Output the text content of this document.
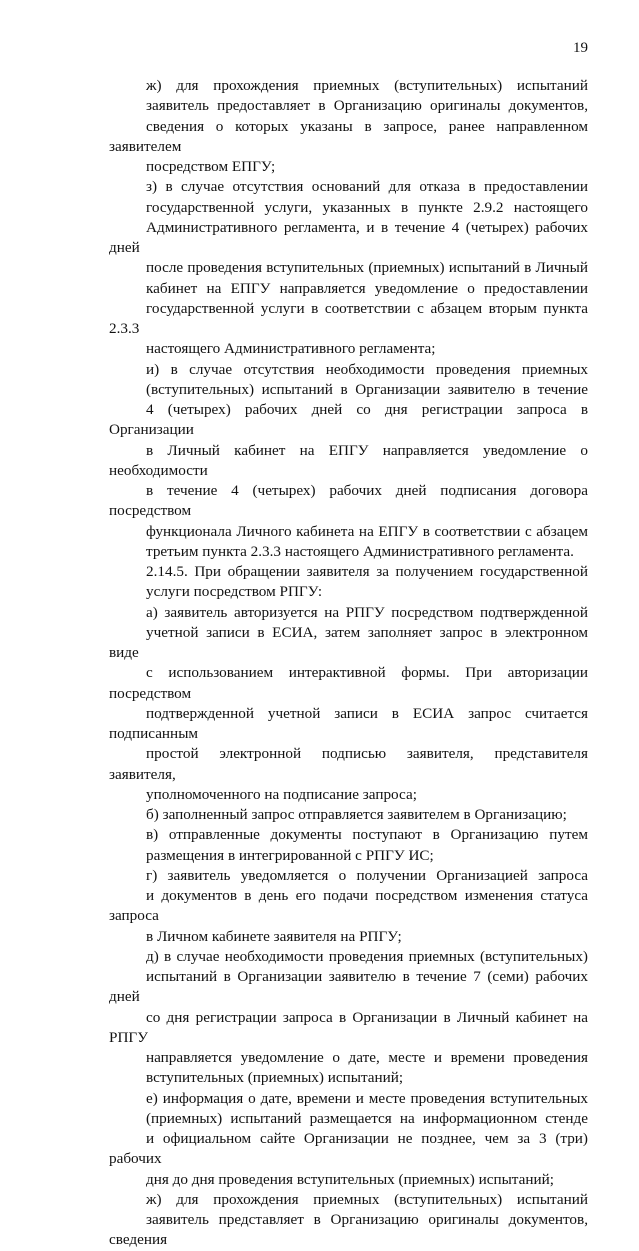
19
ж) для прохождения приемных (вступительных) испытаний
заявитель предоставляет в Организацию оригиналы документов,
сведения о которых указаны в запросе, ранее направленном заявителем
посредством ЕПГУ;
з) в случае отсутствия оснований для отказа в предоставлении
государственной услуги, указанных в пункте 2.9.2 настоящего
Административного регламента, и в течение 4 (четырех) рабочих дней
после проведения вступительных (приемных) испытаний в Личный
кабинет на ЕПГУ направляется уведомление о предоставлении
государственной услуги в соответствии с абзацем вторым пункта 2.3.3
настоящего Административного регламента;
и) в случае отсутствия необходимости проведения приемных
(вступительных) испытаний в Организации заявителю в течение
4 (четырех) рабочих дней со дня регистрации запроса в Организации
в Личный кабинет на ЕПГУ направляется уведомление о необходимости
в течение 4 (четырех) рабочих дней подписания договора посредством
функционала Личного кабинета на ЕПГУ в соответствии с абзацем
третьим пункта 2.3.3 настоящего Административного регламента.
2.14.5. При обращении заявителя за получением государственной
услуги посредством РПГУ:
а) заявитель авторизуется на РПГУ посредством подтвержденной
учетной записи в ЕСИА, затем заполняет запрос в электронном виде
с использованием интерактивной формы. При авторизации посредством
подтвержденной учетной записи в ЕСИА запрос считается подписанным
простой электронной подписью заявителя, представителя заявителя,
уполномоченного на подписание запроса;
б) заполненный запрос отправляется заявителем в Организацию;
в) отправленные документы поступают в Организацию путем
размещения в интегрированной с РПГУ ИС;
г) заявитель уведомляется о получении Организацией запроса
и документов в день его подачи посредством изменения статуса запроса
в Личном кабинете заявителя на РПГУ;
д) в случае необходимости проведения приемных (вступительных)
испытаний в Организации заявителю в течение 7 (семи) рабочих дней
со дня регистрации запроса в Организации в Личный кабинет на РПГУ
направляется уведомление о дате, месте и времени проведения
вступительных (приемных) испытаний;
е) информация о дате, времени и месте проведения вступительных
(приемных) испытаний размещается на информационном стенде
и официальном сайте Организации не позднее, чем за 3 (три) рабочих
дня до дня проведения вступительных (приемных) испытаний;
ж) для прохождения приемных (вступительных) испытаний
заявитель представляет в Организацию оригиналы документов, сведения
